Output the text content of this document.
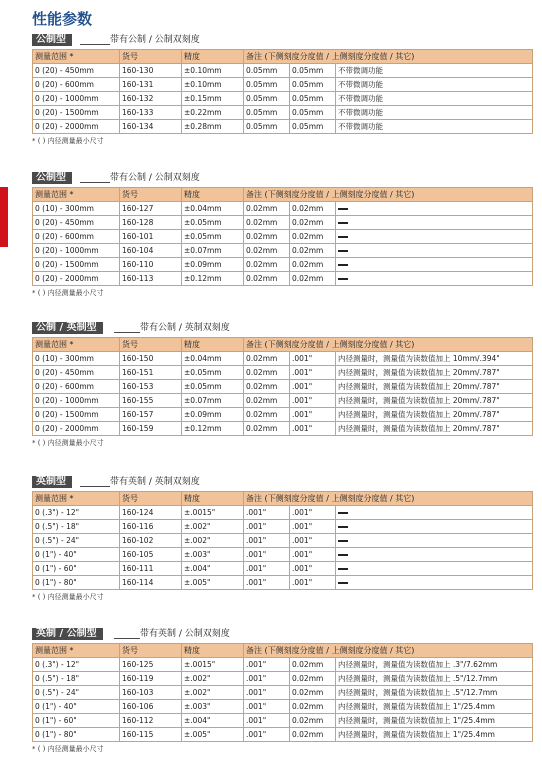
性能参数
公制型	带有公制 / 公制双刻度
测量范围 *	货号	精度	备注 (下侧刻度分度值 / 上侧刻度分度值 / 其它)		
0 (20) - 450mm	160-130	±0.10mm	0.05mm	0.05mm	不带微调功能
0 (20) - 600mm	160-131	±0.10mm	0.05mm	0.05mm	不带微调功能
0 (20) - 1000mm	160-132	±0.15mm	0.05mm	0.05mm	不带微调功能
0 (20) - 1500mm	160-133	±0.22mm	0.05mm	0.05mm	不带微调功能
0 (20) - 2000mm	160-134	±0.28mm	0.05mm	0.05mm	不带微调功能
* ( ) 内径测量最小尺寸
公制型	带有公制 / 公制双刻度
测量范围 *	货号	精度	备注 (下侧刻度分度值 / 上侧刻度分度值 / 其它)		
0 (10) - 300mm	160-127	±0.04mm	0.02mm	0.02mm	
0 (20) - 450mm	160-128	±0.05mm	0.02mm	0.02mm	
0 (20) - 600mm	160-101	±0.05mm	0.02mm	0.02mm	
0 (20) - 1000mm	160-104	±0.07mm	0.02mm	0.02mm	
0 (20) - 1500mm	160-110	±0.09mm	0.02mm	0.02mm	
0 (20) - 2000mm	160-113	±0.12mm	0.02mm	0.02mm	
* ( ) 内径测量最小尺寸
公制 / 英制型	带有公制 / 英制双刻度
测量范围 *	货号	精度	备注 (下侧刻度分度值 / 上侧刻度分度值 / 其它)		
0 (10) - 300mm	160-150	±0.04mm	0.02mm	.001"	内径测量时，测量值为读数值加上 10mm/.394"
0 (20) - 450mm	160-151	±0.05mm	0.02mm	.001"	内径测量时，测量值为读数值加上 20mm/.787"
0 (20) - 600mm	160-153	±0.05mm	0.02mm	.001"	内径测量时，测量值为读数值加上 20mm/.787"
0 (20) - 1000mm	160-155	±0.07mm	0.02mm	.001"	内径测量时，测量值为读数值加上 20mm/.787"
0 (20) - 1500mm	160-157	±0.09mm	0.02mm	.001"	内径测量时，测量值为读数值加上 20mm/.787"
0 (20) - 2000mm	160-159	±0.12mm	0.02mm	.001"	内径测量时，测量值为读数值加上 20mm/.787"
* ( ) 内径测量最小尺寸
英制型	带有英制 / 英制双刻度
测量范围 *	货号	精度	备注 (下侧刻度分度值 / 上侧刻度分度值 / 其它)		
0 (.3") - 12"	160-124	±.0015"	.001"	.001"	
0 (.5") - 18"	160-116	±.002"	.001"	.001"	
0 (.5") - 24"	160-102	±.002"	.001"	.001"	
0 (1") - 40"	160-105	±.003"	.001"	.001"	
0 (1") - 60"	160-111	±.004"	.001"	.001"	
0 (1") - 80"	160-114	±.005"	.001"	.001"	
* ( ) 内径测量最小尺寸
英制 / 公制型	带有英制 / 公制双刻度
测量范围 *	货号	精度	备注 (下侧刻度分度值 / 上侧刻度分度值 / 其它)		
0 (.3") - 12"	160-125	±.0015"	.001"	0.02mm	内径测量时，测量值为读数值加上 .3"/7.62mm
0 (.5") - 18"	160-119	±.002"	.001"	0.02mm	内径测量时，测量值为读数值加上 .5"/12.7mm
0 (.5") - 24"	160-103	±.002"	.001"	0.02mm	内径测量时，测量值为读数值加上 .5"/12.7mm
0 (1") - 40"	160-106	±.003"	.001"	0.02mm	内径测量时，测量值为读数值加上 1"/25.4mm
0 (1") - 60"	160-112	±.004"	.001"	0.02mm	内径测量时，测量值为读数值加上 1"/25.4mm
0 (1") - 80"	160-115	±.005"	.001"	0.02mm	内径测量时，测量值为读数值加上 1"/25.4mm
* ( ) 内径测量最小尺寸
